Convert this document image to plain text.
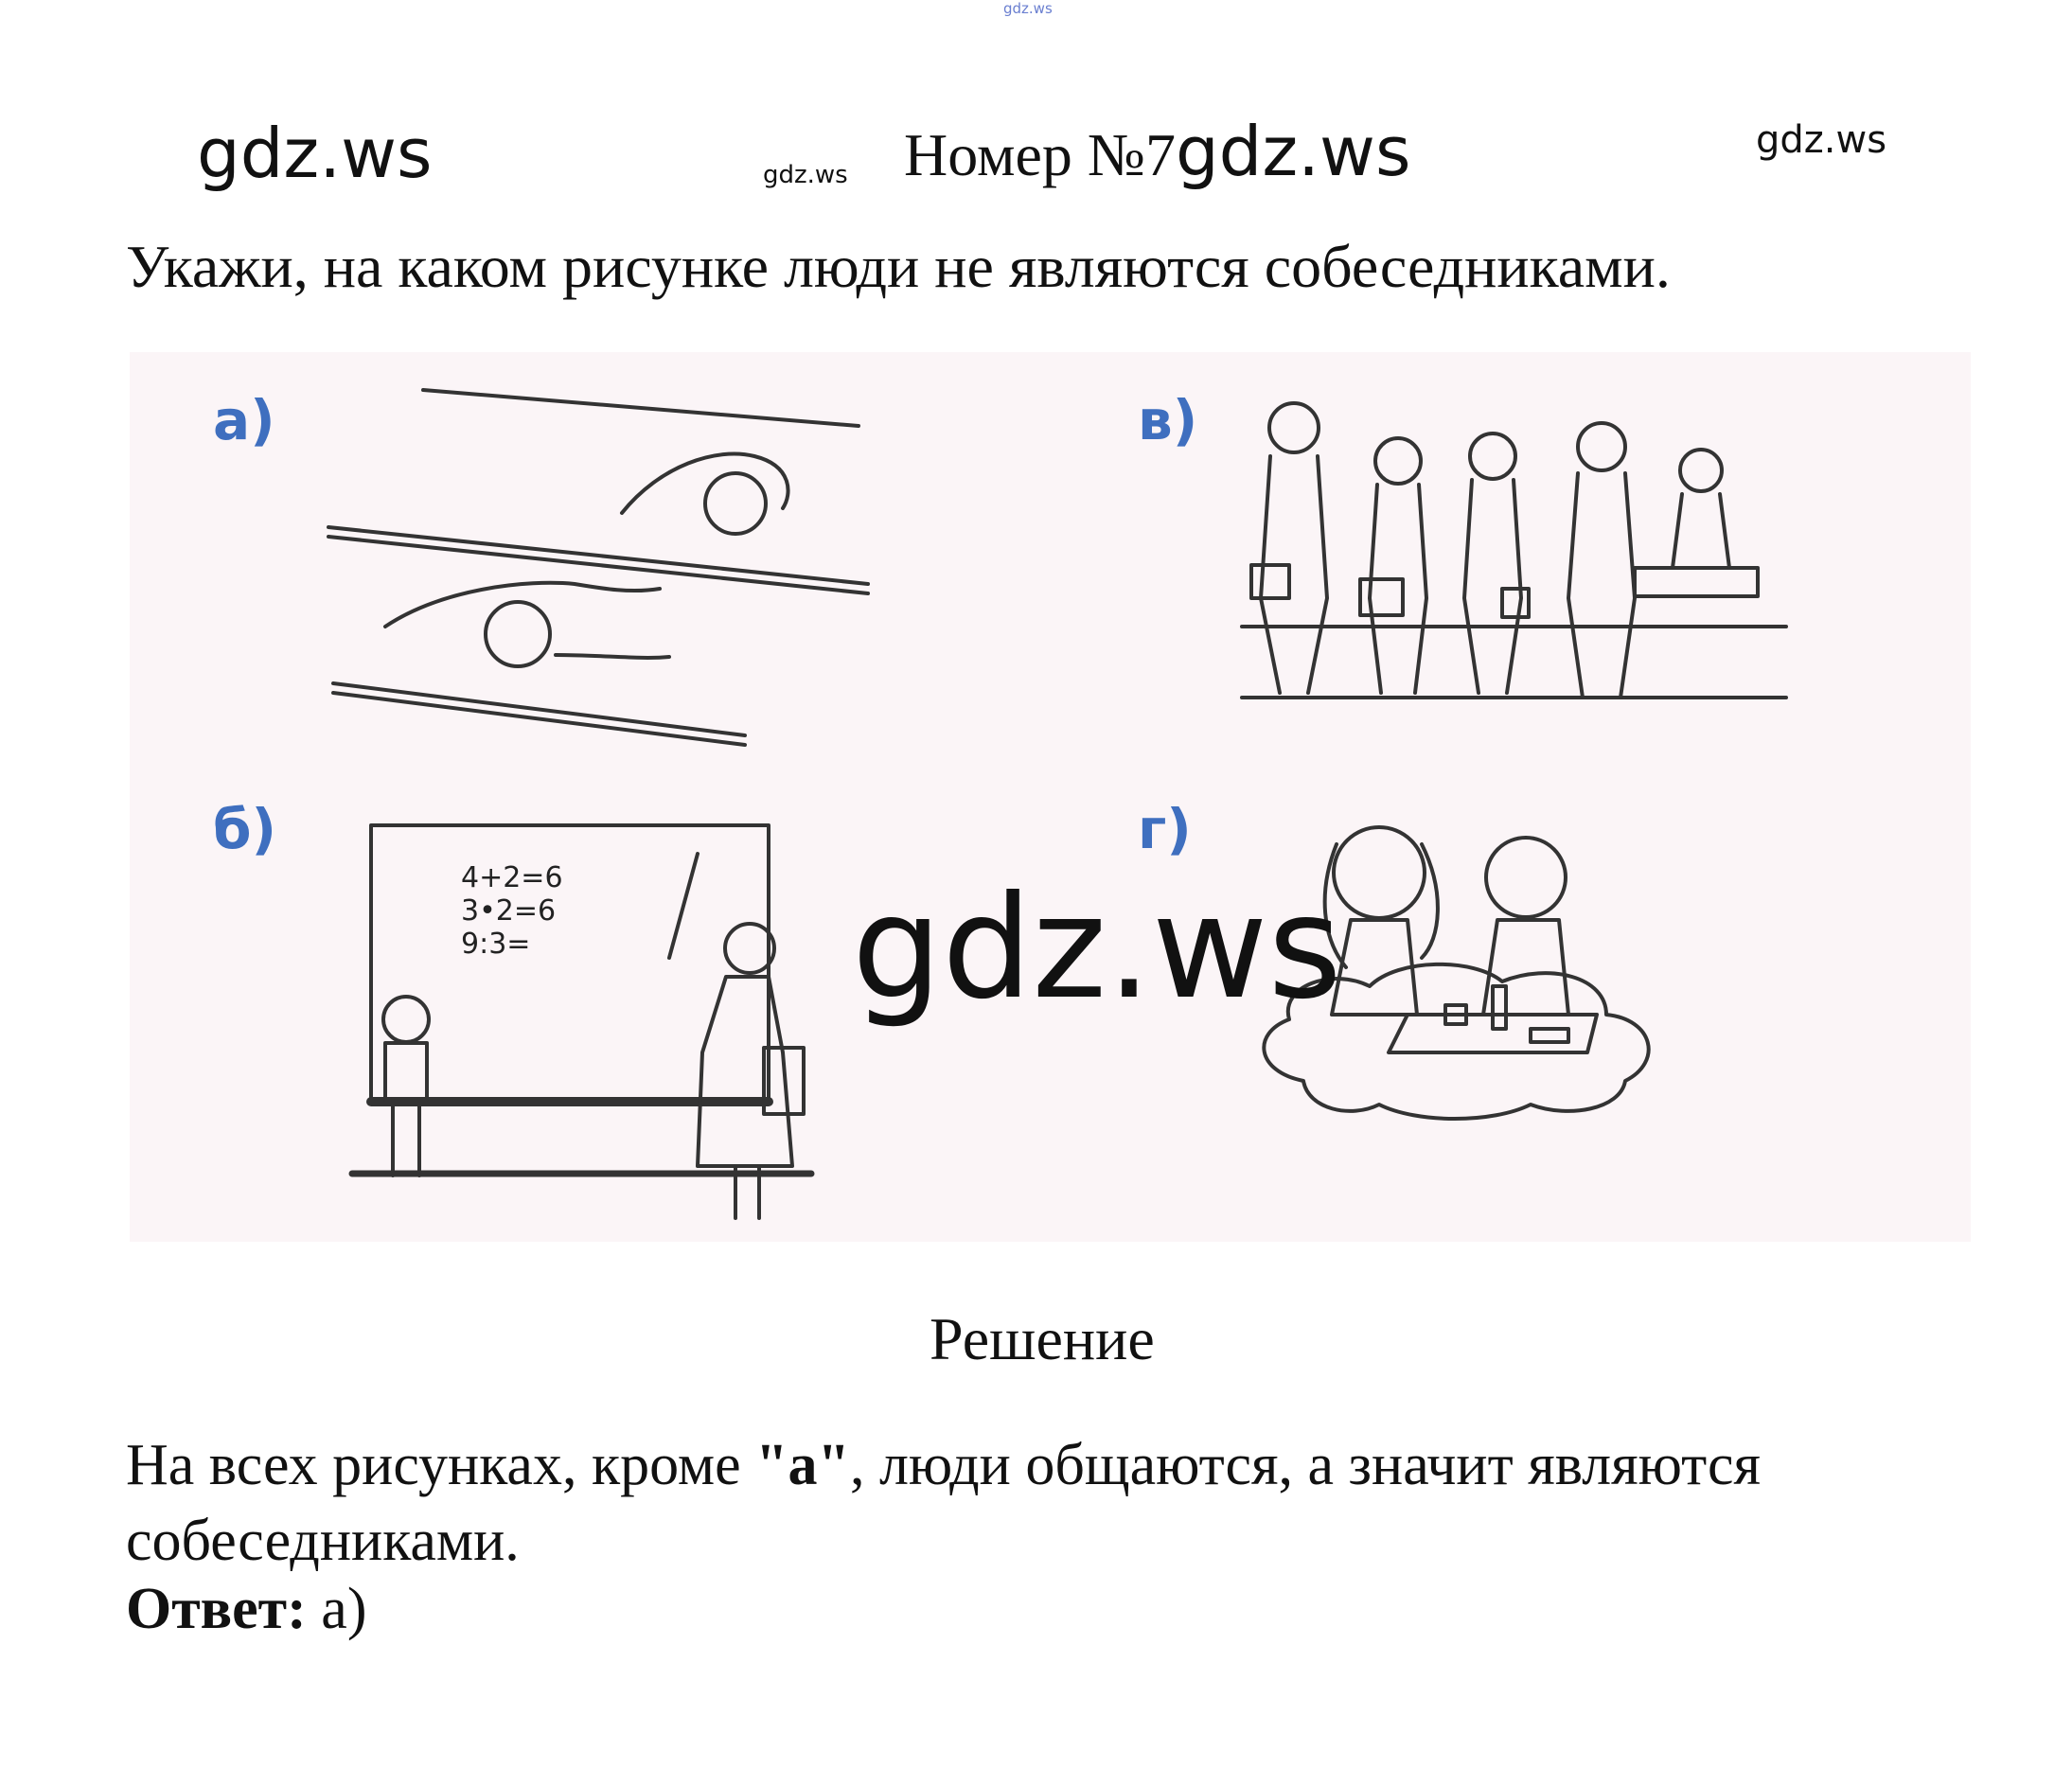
gdz.ws
gdz.ws	gdz.ws Номер №7gdz.ws	gdz.ws
Укажи, на каком рисунке люди не являются собеседниками.
4+2=6
3•2=6
9:3=
а)
б)
в)
г)
gdz.ws
Решение
На всех рисунках, кроме "а", люди общаются, а значит являются собеседниками.
Ответ: а)
